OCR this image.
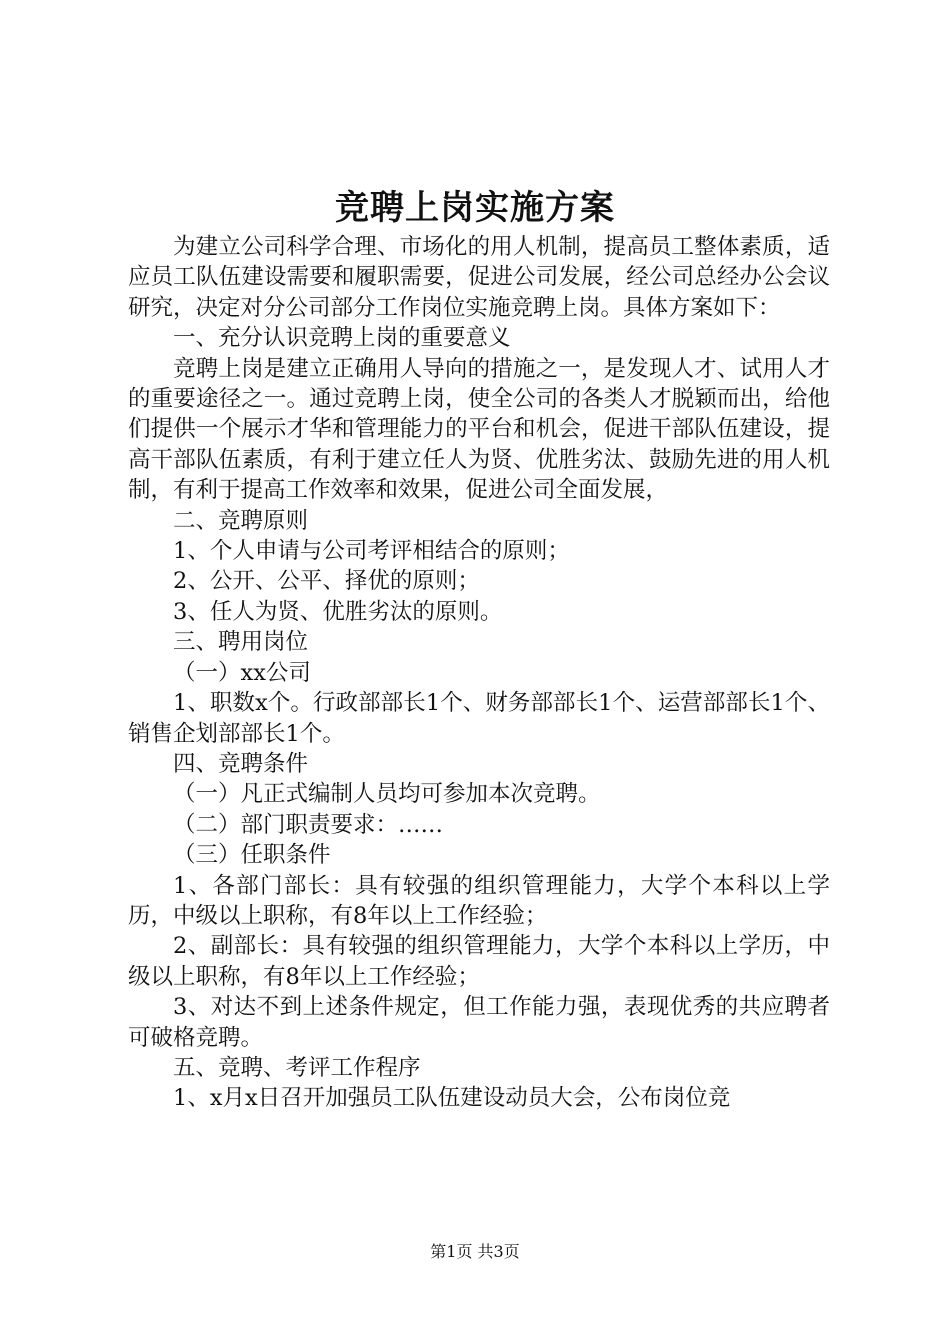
竞聘上岗实施方案

为建立公司科学合理、市场化的用人机制，提高员工整体素质，适应员工队伍建设需要和履职需要，促进公司发展，经公司总经办公会议研究，决定对分公司部分工作岗位实施竞聘上岗。具体方案如下：

一、充分认识竞聘上岗的重要意义

竞聘上岗是建立正确用人导向的措施之一，是发现人才、试用人才的重要途径之一。通过竞聘上岗，使全公司的各类人才脱颖而出，给他们提供一个展示才华和管理能力的平台和机会，促进干部队伍建设，提高干部队伍素质，有利于建立任人为贤、优胜劣汰、鼓励先进的用人机制，有利于提高工作效率和效果，促进公司全面发展，

二、竞聘原则

1、个人申请与公司考评相结合的原则；

2、公开、公平、择优的原则；

3、任人为贤、优胜劣汰的原则。

三、聘用岗位

（一）xx公司

1、职数x个。行政部部长1个、财务部部长1个、运营部部长1个、销售企划部部长1个。

四、竞聘条件

（一）凡正式编制人员均可参加本次竞聘。

（二）部门职责要求：……

（三）任职条件

1、各部门部长：具有较强的组织管理能力，大学个本科以上学历，中级以上职称，有8年以上工作经验；

2、副部长：具有较强的组织管理能力，大学个本科以上学历，中级以上职称，有8年以上工作经验；

3、对达不到上述条件规定，但工作能力强，表现优秀的共应聘者可破格竞聘。

五、竞聘、考评工作程序

1、x月x日召开加强员工队伍建设动员大会，公布岗位竞

第1页 共3页
